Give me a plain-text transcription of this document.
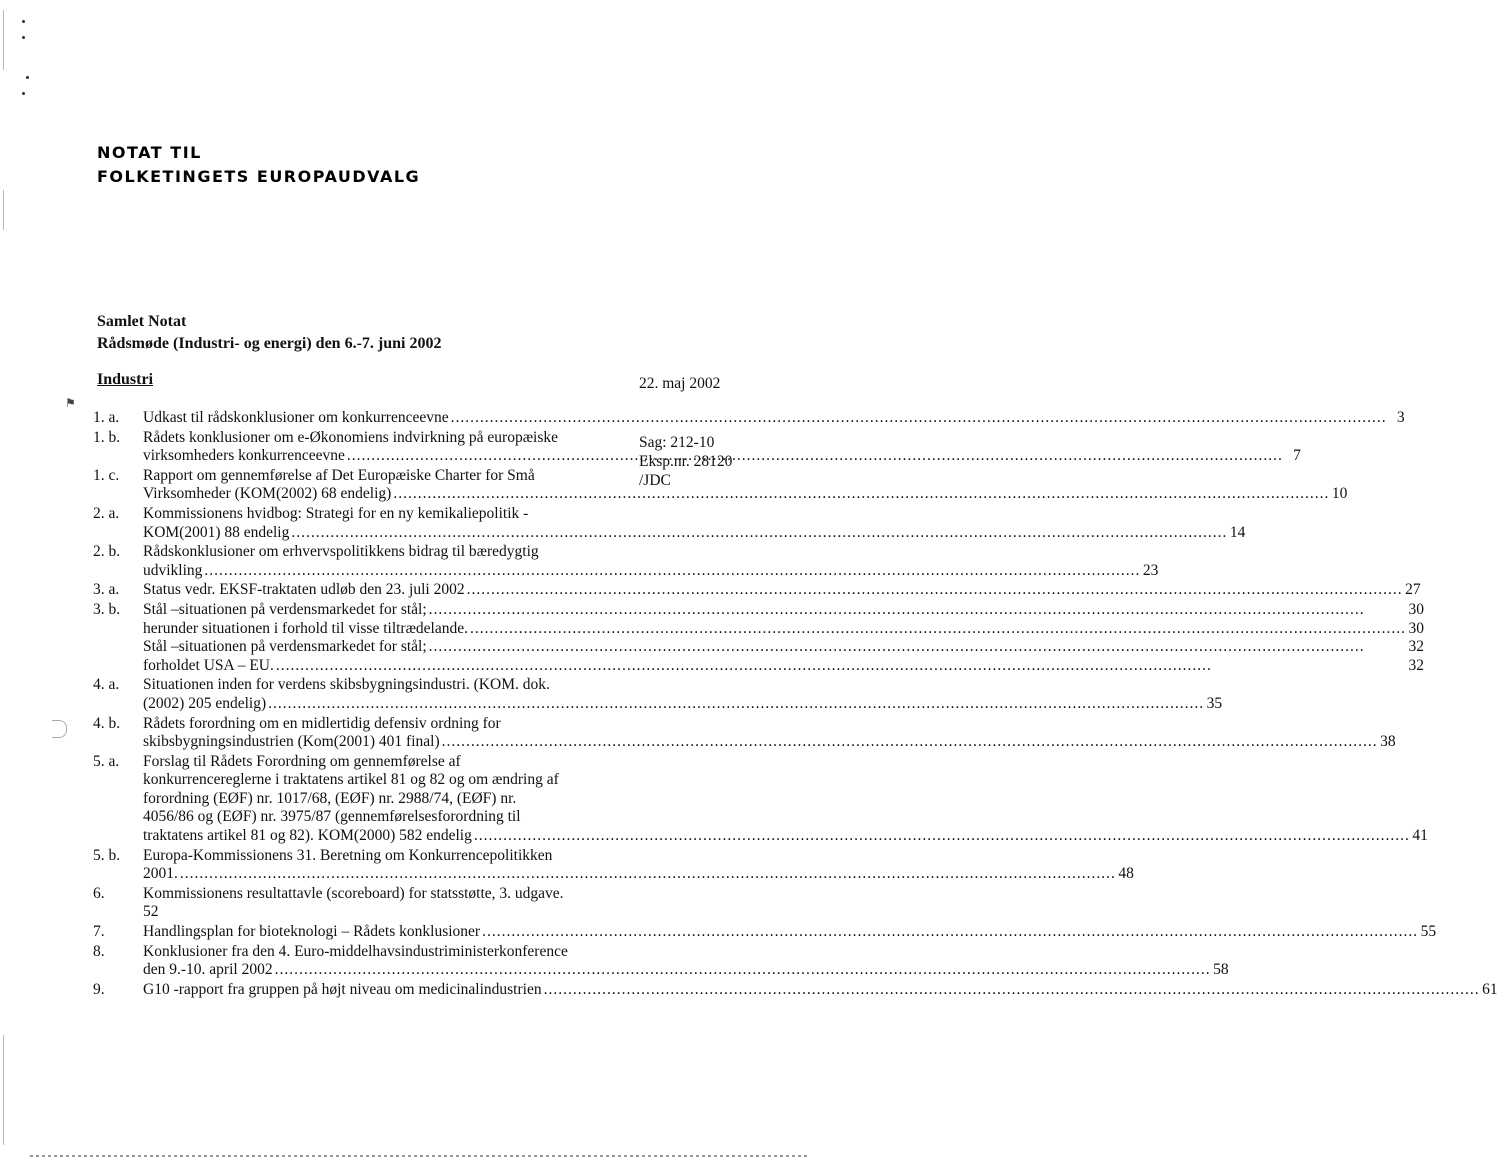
⚑
NOTAT TIL
FOLKETINGETS EUROPAUDVALG
Samlet Notat
Rådsmøde (Industri- og energi) den 6.-7. juni 2002
Industri	22. maj 2002
Sag: 212-10
Eksp.nr. 28120
/JDC
1. a.	Udkast til rådskonklusioner om konkurrenceevne .....	3
1. b.	Rådets konklusioner om e-Økonomiens indvirkning på europæiske
virksomheders konkurrenceevne .....	7
1. c.	Rapport om gennemførelse af Det Europæiske Charter for Små
Virksomheder (KOM(2002) 68 endelig) .....	10
2. a.	Kommissionens hvidbog: Strategi for en ny kemikaliepolitik -
KOM(2001) 88 endelig .....	14
2. b.	Rådskonklusioner om erhvervspolitikkens bidrag til bæredygtig
udvikling .....	23
3. a.	Status vedr. EKSF-traktaten udløb den 23. juli 2002 .....	27
3. b.	Stål –situationen på verdensmarkedet for stål; .....	30
herunder situationen i forhold til visse tiltrædelande. .....	30
Stål –situationen på verdensmarkedet for stål; .....	32
forholdet USA – EU. .....	32
4. a.	Situationen inden for verdens skibsbygningsindustri. (KOM. dok.
(2002) 205 endelig) .....	35
4. b.	Rådets forordning om en midlertidig defensiv ordning for
skibsbygningsindustrien (Kom(2001) 401 final) .....	38
5. a.	Forslag til Rådets Forordning om gennemførelse af
konkurrencereglerne i traktatens artikel 81 og 82 og om ændring af
forordning (EØF) nr. 1017/68, (EØF) nr. 2988/74, (EØF) nr.
4056/86 og (EØF) nr. 3975/87 (gennemførelsesforordning til
traktatens artikel 81 og 82). KOM(2000) 582 endelig .....	41
5. b.	Europa-Kommissionens 31. Beretning om Konkurrencepolitikken
2001. .....	48
6.	Kommissionens resultattavle (scoreboard) for statsstøtte, 3. udgave.
52
7.	Handlingsplan for bioteknologi – Rådets konklusioner .....	55
8.	Konklusioner fra den 4. Euro-middelhavsindustriministerkonference
den 9.-10. april 2002 .....	58
9.	G10 -rapport fra gruppen på højt niveau om medicinalindustrien .....	61
